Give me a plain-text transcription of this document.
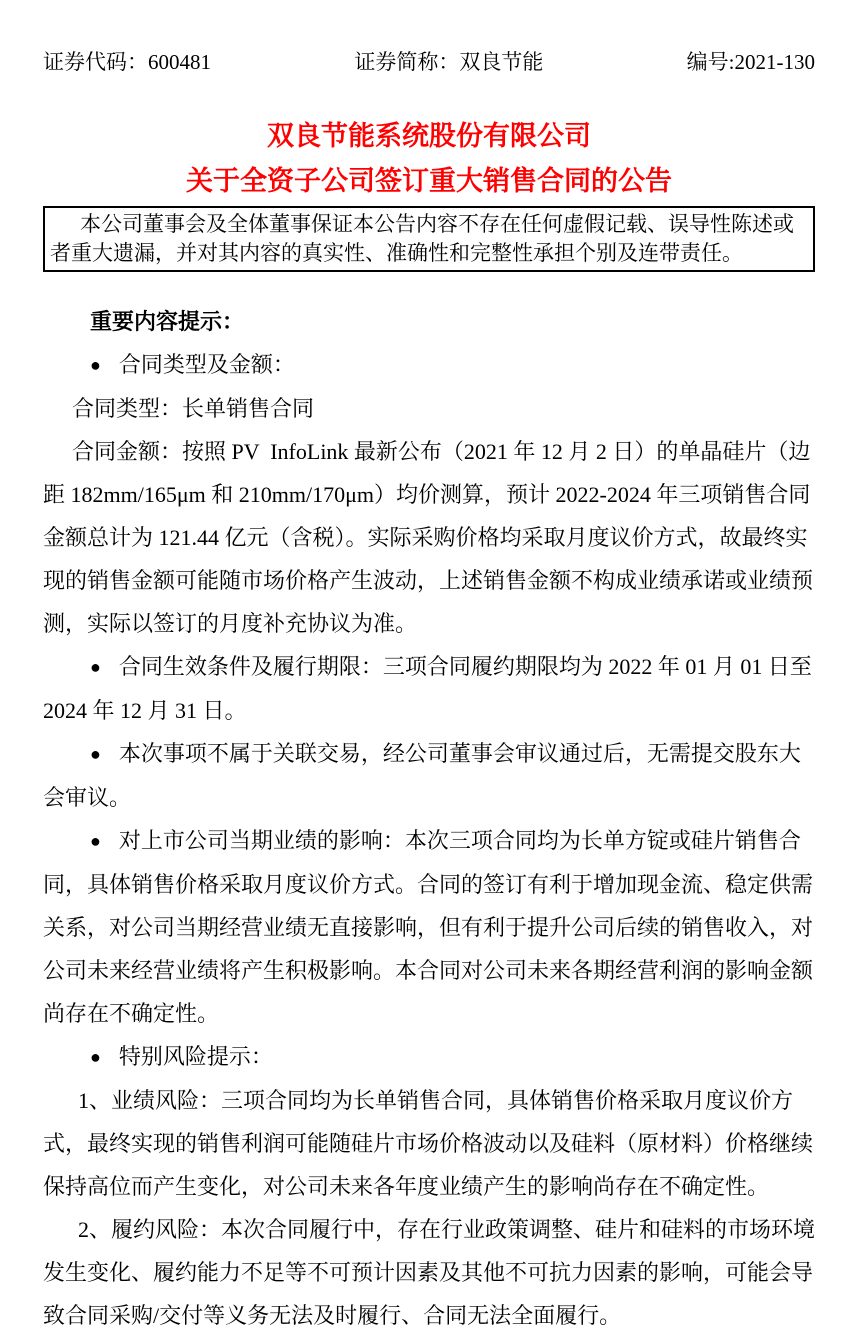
证券代码：600481	证券简称：双良节能	编号:2021-130
双良节能系统股份有限公司
关于全资子公司签订重大销售合同的公告

本公司董事会及全体董事保证本公告内容不存在任何虚假记载、误导性陈述或者重大遗漏，并对其内容的真实性、准确性和完整性承担个别及连带责任。

重要内容提示：

● 合同类型及金额：

合同类型：长单销售合同

合同金额：按照 PV  InfoLink 最新公布（2021 年 12 月 2 日）的单晶硅片（边距 182mm/165μm 和 210mm/170μm）均价测算，预计 2022-2024 年三项销售合同金额总计为 121.44 亿元（含税）。实际采购价格均采取月度议价方式，故最终实现的销售金额可能随市场价格产生波动，上述销售金额不构成业绩承诺或业绩预测，实际以签订的月度补充协议为准。

● 合同生效条件及履行期限：三项合同履约期限均为 2022 年 01 月 01 日至 2024 年 12 月 31 日。

● 本次事项不属于关联交易，经公司董事会审议通过后，无需提交股东大会审议。

● 对上市公司当期业绩的影响：本次三项合同均为长单方锭或硅片销售合同，具体销售价格采取月度议价方式。合同的签订有利于增加现金流、稳定供需关系，对公司当期经营业绩无直接影响，但有利于提升公司后续的销售收入，对公司未来经营业绩将产生积极影响。本合同对公司未来各期经营利润的影响金额尚存在不确定性。

● 特别风险提示：

1、业绩风险：三项合同均为长单销售合同，具体销售价格采取月度议价方式，最终实现的销售利润可能随硅片市场价格波动以及硅料（原材料）价格继续保持高位而产生变化，对公司未来各年度业绩产生的影响尚存在不确定性。

2、履约风险：本次合同履行中，存在行业政策调整、硅片和硅料的市场环境发生变化、履约能力不足等不可预计因素及其他不可抗力因素的影响，可能会导致合同采购/交付等义务无法及时履行、合同无法全面履行。
